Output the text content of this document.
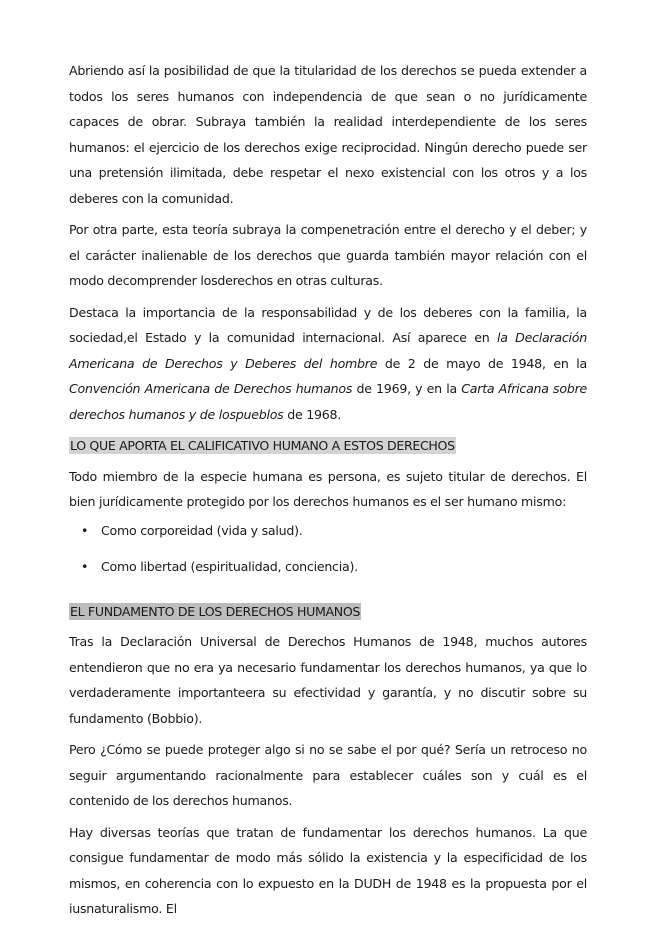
Abriendo así la posibilidad de que la titularidad de los derechos se pueda extender a todos los seres humanos con independencia de que sean o no jurídicamente capaces de obrar. Subraya también la realidad interdependiente de los seres humanos: el ejercicio de los derechos exige reciprocidad. Ningún derecho puede ser una pretensión ilimitada, debe respetar el nexo existencial con los otros y a los deberes con la comunidad.

Por otra parte, esta teoría subraya la compenetración entre el derecho y el deber; y el carácter inalienable de los derechos que guarda también mayor relación con el modo decomprender losderechos en otras culturas.

Destaca la importancia de la responsabilidad y de los deberes con la familia, la sociedad,el Estado y la comunidad internacional. Así aparece en la Declaración Americana de Derechos y Deberes del hombre de 2 de mayo de 1948, en la Convención Americana de Derechos humanos de 1969, y en la Carta Africana sobre derechos humanos y de lospueblos de 1968.

LO QUE APORTA EL CALIFICATIVO HUMANO A ESTOS DERECHOS

Todo miembro de la especie humana es persona, es sujeto titular de derechos. El bien jurídicamente protegido por los derechos humanos es el ser humano mismo:

• Como corporeidad (vida y salud).
• Como libertad (espiritualidad, conciencia).

EL FUNDAMENTO DE LOS DERECHOS HUMANOS

Tras la Declaración Universal de Derechos Humanos de 1948, muchos autores entendieron que no era ya necesario fundamentar los derechos humanos, ya que lo verdaderamente importanteera su efectividad y garantía, y no discutir sobre su fundamento (Bobbio).

Pero ¿Cómo se puede proteger algo si no se sabe el por qué? Sería un retroceso no seguir argumentando racionalmente para establecer cuáles son y cuál es el contenido de los derechos humanos.

Hay diversas teorías que tratan de fundamentar los derechos humanos. La que consigue fundamentar de modo más sólido la existencia y la especificidad de los mismos, en coherencia con lo expuesto en la DUDH de 1948 es la propuesta por el iusnaturalismo. El
